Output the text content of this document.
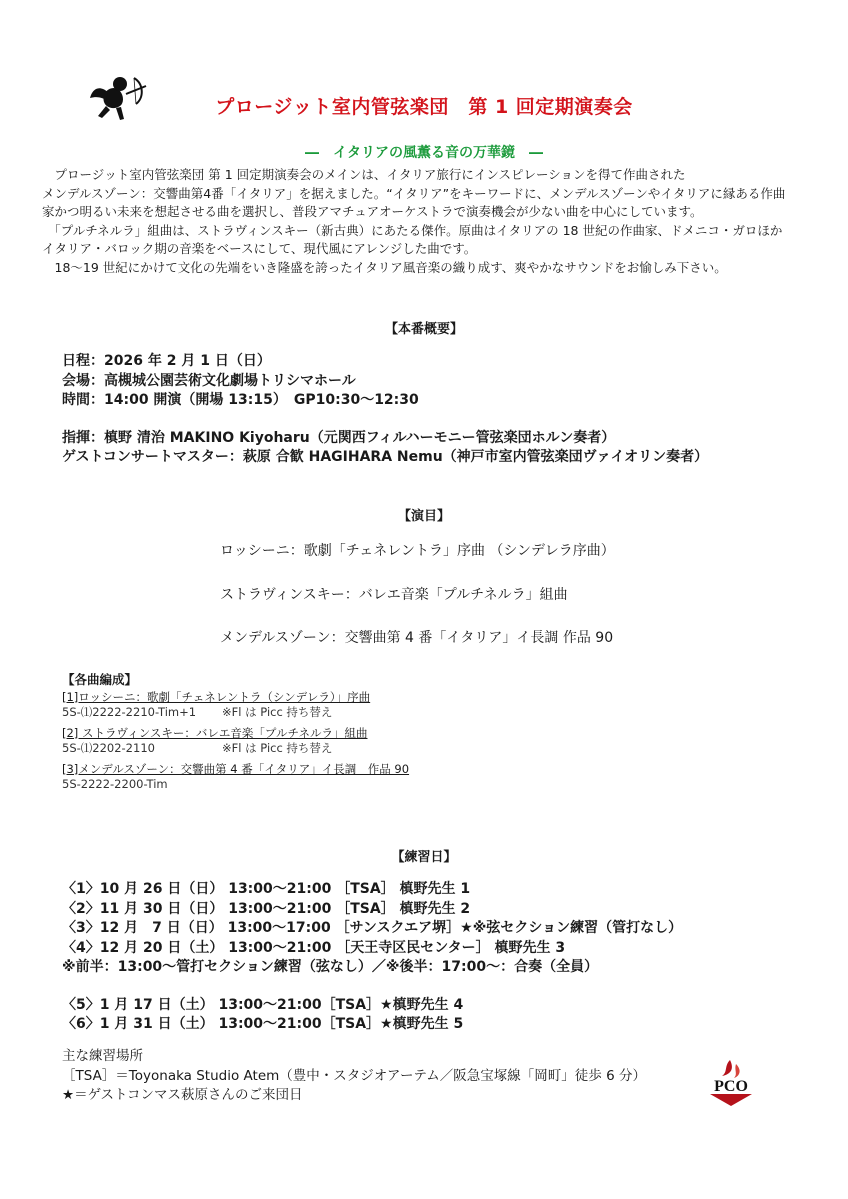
プロージット室内管弦楽団　第 1 回定期演奏会
―　イタリアの風薫る音の万華鏡　―

　プロージット室内管弦楽団 第 1 回定期演奏会のメインは、イタリア旅行にインスピレーションを得て作曲された

メンデルスゾーン：交響曲第4番「イタリア」を据えました。“イタリア”をキーワードに、メンデルスゾーンやイタリアに縁ある作曲

家かつ明るい未来を想起させる曲を選択し、普段アマチュアオーケストラで演奏機会が少ない曲を中心にしています。

　「プルチネルラ」組曲は、ストラヴィンスキー（新古典）にあたる傑作。原曲はイタリアの 18 世紀の作曲家、ドメニコ・ガロほか

イタリア・バロック期の音楽をベースにして、現代風にアレンジした曲です。

　18～19 世紀にかけて文化の先端をいき隆盛を誇ったイタリア風音楽の織り成す、爽やかなサウンドをお愉しみ下さい。

【本番概要】

日程：2026 年 2 月 1 日（日）

会場：高槻城公園芸術文化劇場トリシマホール

時間：14:00 開演（開場 13:15）　GP10:30～12:30

指揮：槙野 清治 MAKINO Kiyoharu（元関西フィルハーモニー管弦楽団ホルン奏者）

ゲストコンサートマスター：萩原 合歓 HAGIHARA Nemu（神戸市室内管弦楽団ヴァイオリン奏者）

【演目】

ロッシーニ：歌劇「チェネレントラ」序曲 （シンデレラ序曲）

ストラヴィンスキー：バレエ音楽「プルチネルラ」組曲

メンデルスゾーン：交響曲第 4 番「イタリア」イ長調 作品 90

【各曲編成】
[1]ロッシーニ：歌劇「チェネレントラ（シンデレラ）」序曲
5S-⑴2222-2210-Tim+1 ※Fl は Picc 持ち替え
[2] ストラヴィンスキー：バレエ音楽「プルチネルラ」組曲
5S-⑴2202-2110	※Fl は Picc 持ち替え
[3]メンデルスゾーン：交響曲第 4 番「イタリア」イ長調　作品 90
5S-2222-2200-Tim
【練習日】

〈1〉10 月 26 日（日） 13:00～21:00 ［TSA］ 槙野先生 1

〈2〉11 月 30 日（日） 13:00～21:00 ［TSA］ 槙野先生 2

〈3〉12 月　7 日（日） 13:00～17:00 ［サンスクエア堺］★※弦セクション練習（管打なし）

〈4〉12 月 20 日（土） 13:00～21:00 ［天王寺区民センター］ 槙野先生 3

※前半：13:00～管打セクション練習（弦なし）／※後半：17:00～：合奏（全員）

〈5〉1 月 17 日（土） 13:00～21:00［TSA］★槙野先生 4

〈6〉1 月 31 日（土） 13:00～21:00［TSA］★槙野先生 5

主な練習場所

［TSA］＝Toyonaka Studio Atem（豊中・スタジオアーテム／阪急宝塚線「岡町」徒歩 6 分）

★＝ゲストコンマス萩原さんのご来団日	PCO
